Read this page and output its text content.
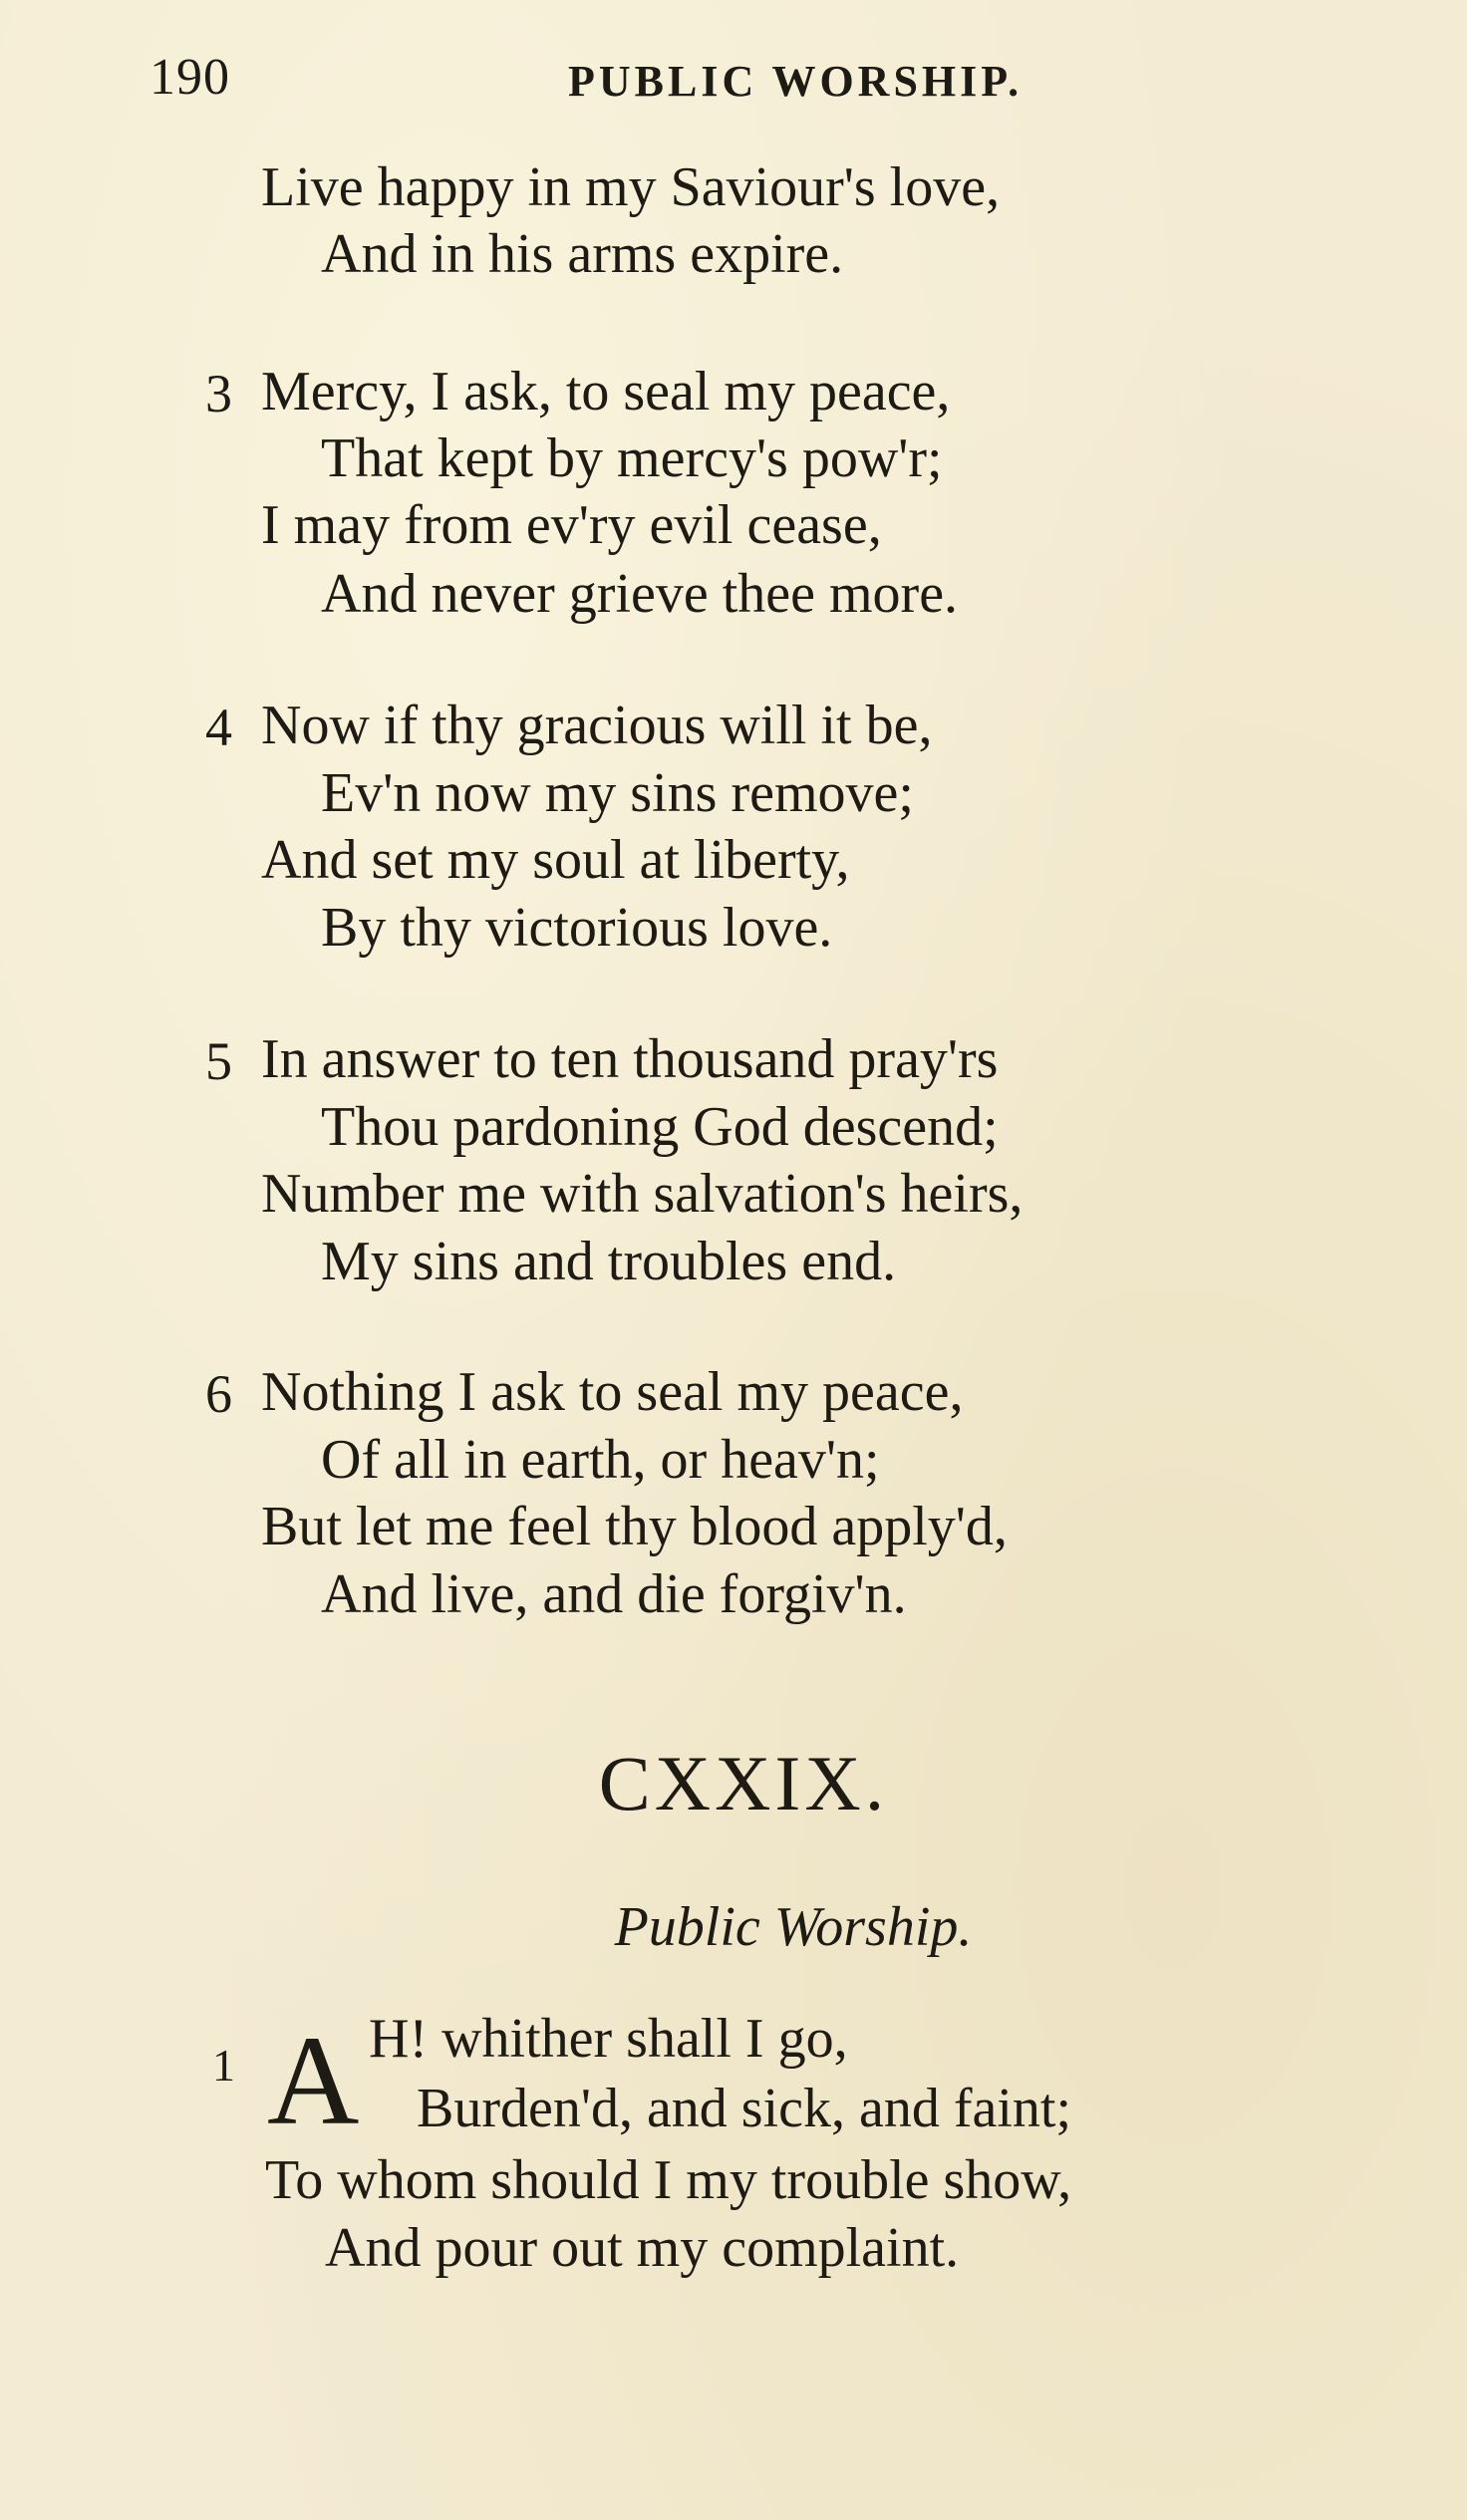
190	PUBLIC WORSHIP.
Live happy in my Saviour's love,
And in his arms expire.
3 Mercy, I ask, to seal my peace,
That kept by mercy's pow'r;
I may from ev'ry evil cease,
And never grieve thee more.
4 Now if thy gracious will it be,
Ev'n now my sins remove;
And set my soul at liberty,
By thy victorious love.
5 In answer to ten thousand pray'rs
Thou pardoning God descend;
Number me with salvation's heirs,
My sins and troubles end.
6 Nothing I ask to seal my peace,
Of all in earth, or heav'n;
But let me feel thy blood apply'd,
And live, and die forgiv'n.
CXXIX.
Public Worship.
1 A H! whither shall I go,
Burden'd, and sick, and faint;
To whom should I my trouble show,
And pour out my complaint.
